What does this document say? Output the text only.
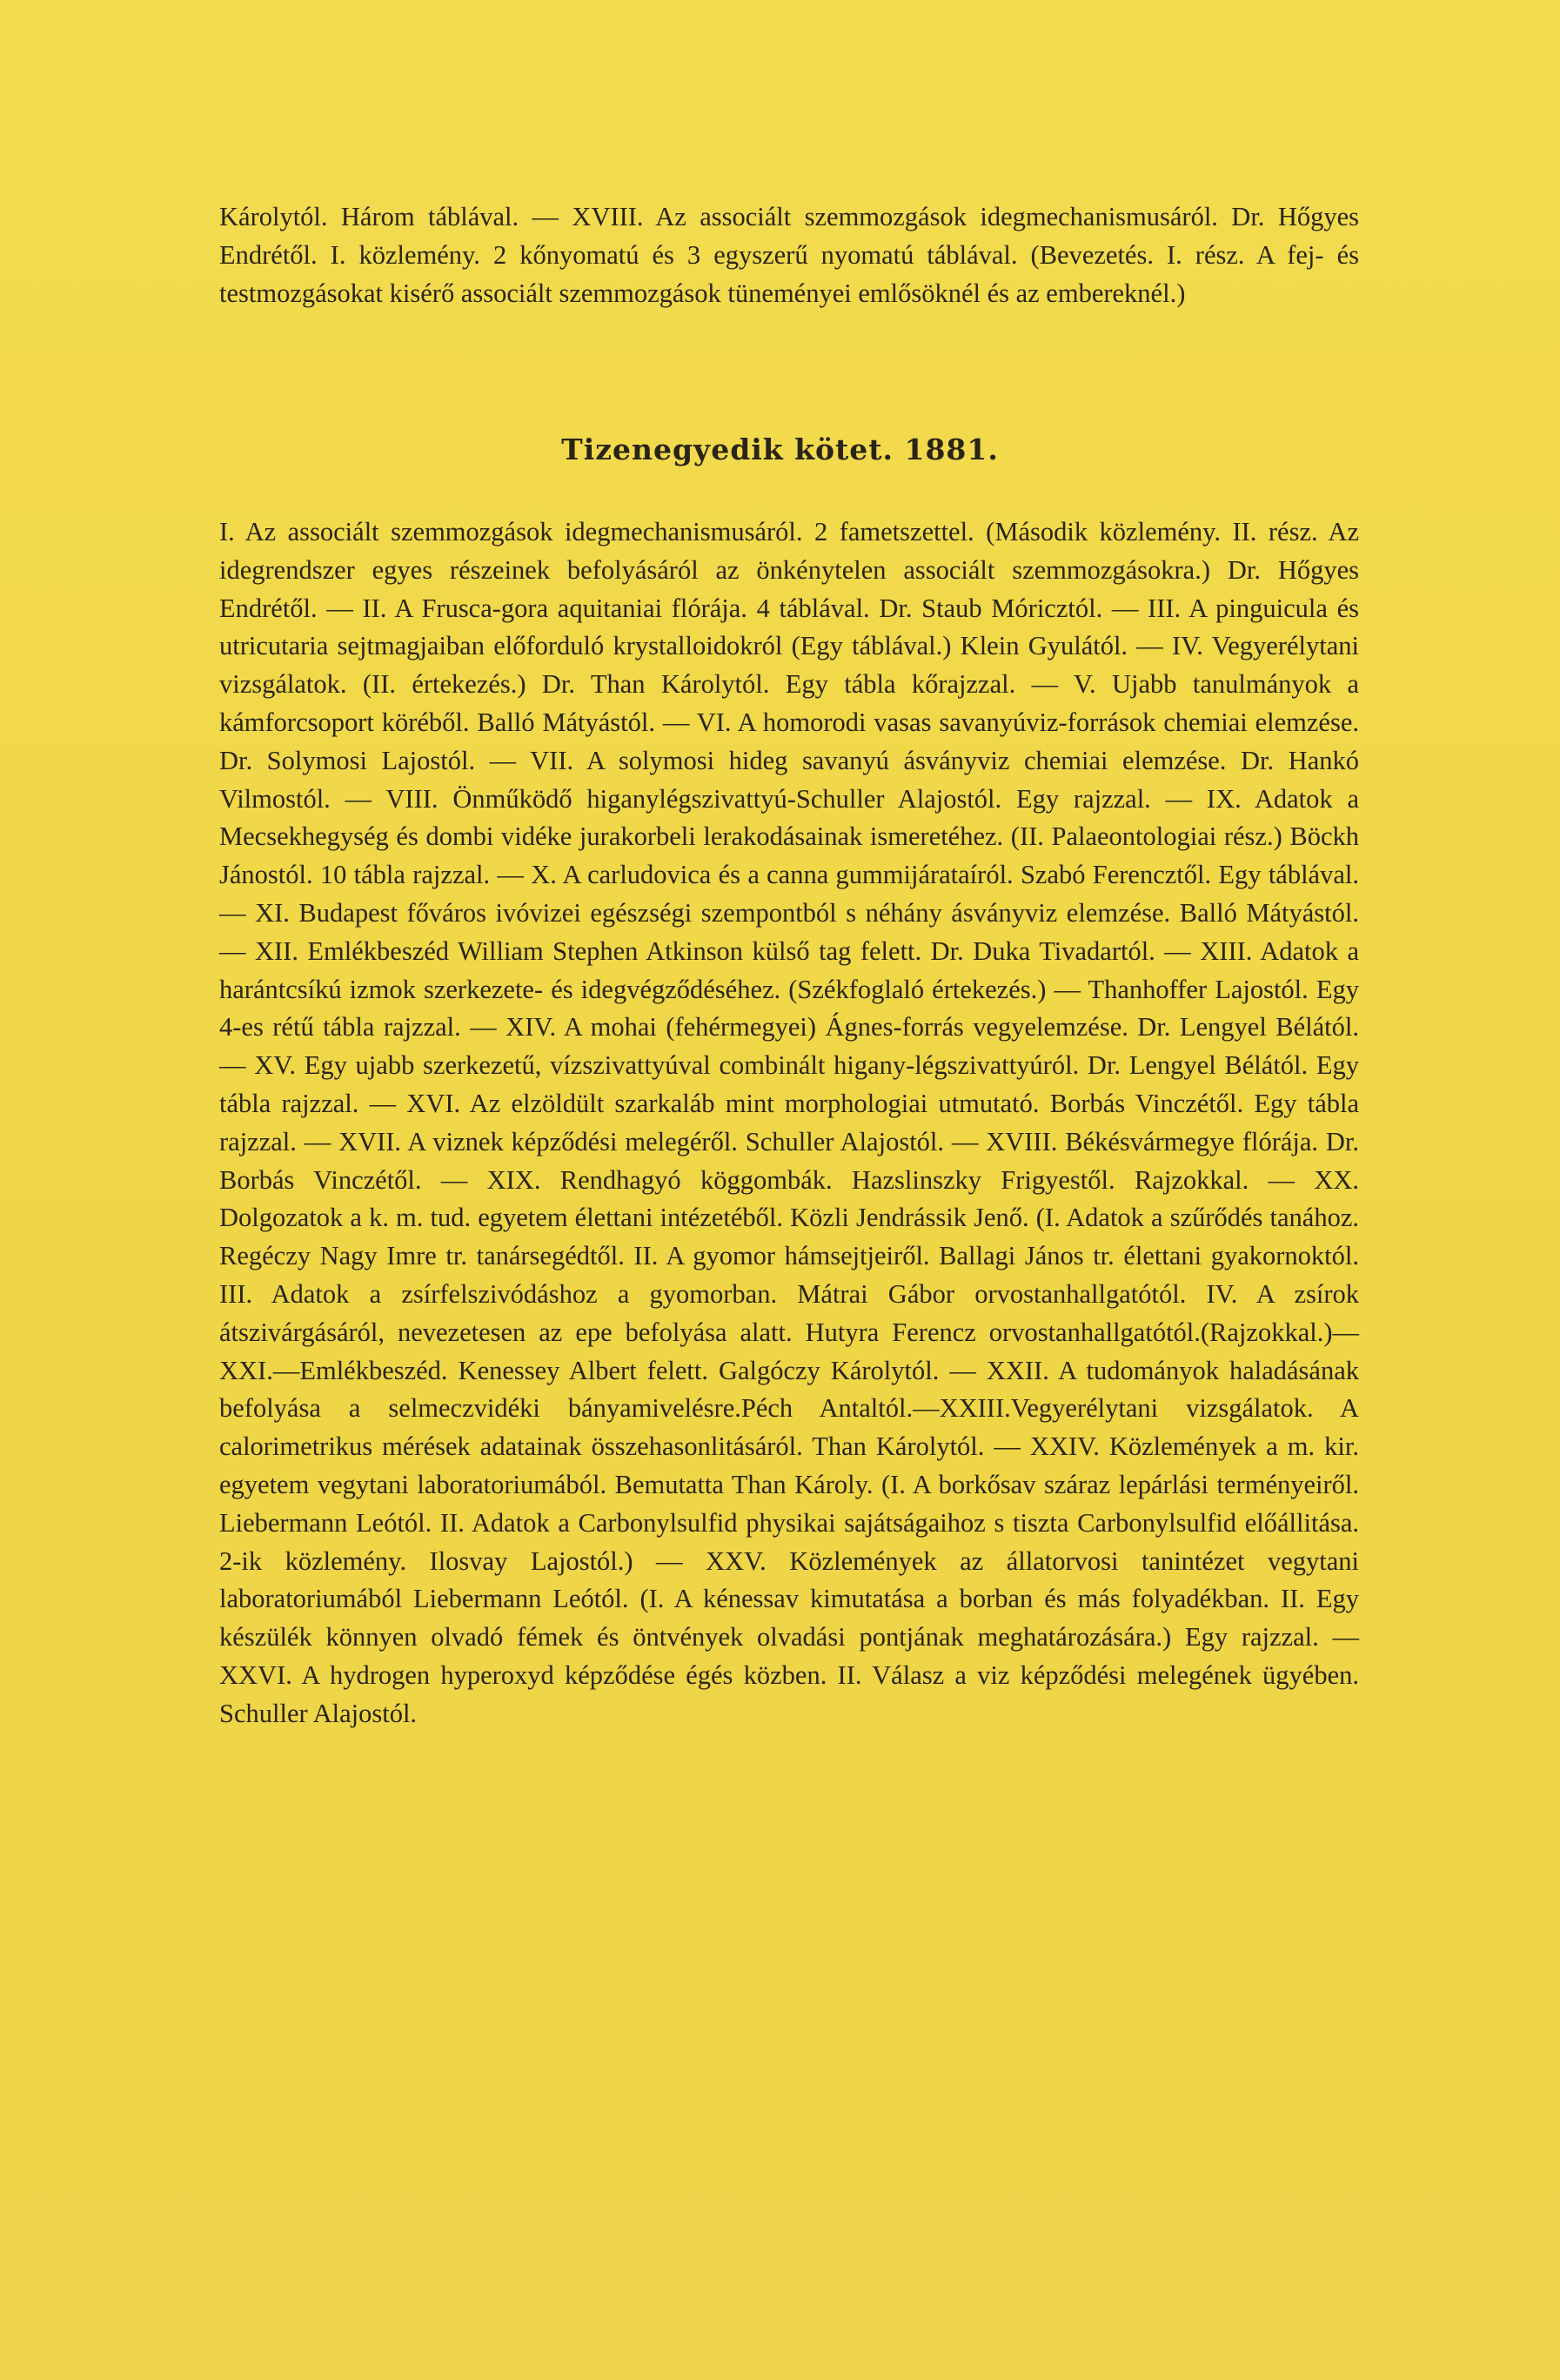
Károlytól. Három táblával. — XVIII. Az associált szemmozgások idegmechanismusáról. Dr. Hőgyes Endrétől. I. közlemény. 2 kőnyomatú és 3 egyszerű nyomatú táblával. (Bevezetés. I. rész. A fej- és testmozgásokat kisérő associált szemmozgások tüneményei emlősöknél és az embereknél.)

Tizenegyedik kötet. 1881.

I. Az associált szemmozgások idegmechanismusáról. 2 fametszettel. (Második közlemény. II. rész. Az idegrendszer egyes részeinek befolyásáról az önkénytelen associált szemmozgásokra.) Dr. Hőgyes Endrétől. — II. A Frusca-gora aquitaniai flórája. 4 táblával. Dr. Staub Móricztól. — III. A pinguicula és utricutaria sejtmagjaiban előforduló krystalloidokról (Egy táblával.) Klein Gyulától. — IV. Vegyerélytani vizsgálatok. (II. értekezés.) Dr. Than Károlytól. Egy tábla kőrajzzal. — V. Ujabb tanulmányok a kámforcsoport köréből. Balló Mátyástól. — VI. A homorodi vasas savanyúviz-források chemiai elemzése. Dr. Solymosi Lajostól. — VII. A solymosi hideg savanyú ásványviz chemiai elemzése. Dr. Hankó Vilmostól. — VIII. Önműködő higanylégszivattyú-Schuller Alajostól. Egy rajzzal. — IX. Adatok a Mecsekhegység és dombi vidéke jurakorbeli lerakodásainak ismeretéhez. (II. Palaeontologiai rész.) Böckh Jánostól. 10 tábla rajzzal. — X. A carludovica és a canna gummijárataíról. Szabó Ferencztől. Egy táblával. — XI. Budapest főváros ivóvizei egészségi szempontból s néhány ásványviz elemzése. Balló Mátyástól. — XII. Emlékbeszéd William Stephen Atkinson külső tag felett. Dr. Duka Tivadartól. — XIII. Adatok a harántcsíkú izmok szerkezete- és idegvégződéséhez. (Székfoglaló értekezés.) — Thanhoffer Lajostól. Egy 4-es rétű tábla rajzzal. — XIV. A mohai (fehérmegyei) Ágnes-forrás vegyelemzése. Dr. Lengyel Bélától. — XV. Egy ujabb szerkezetű, vízszivattyúval combinált higany-légszivattyúról. Dr. Lengyel Bélától. Egy tábla rajzzal. — XVI. Az elzöldült szarkaláb mint morphologiai utmutató. Borbás Vinczétől. Egy tábla rajzzal. — XVII. A viznek képződési melegéről. Schuller Alajostól. — XVIII. Békésvármegye flórája. Dr. Borbás Vinczétől. — XIX. Rendhagyó köggombák. Hazslinszky Frigyestől. Rajzokkal. — XX. Dolgozatok a k. m. tud. egyetem élettani intézetéből. Közli Jendrássik Jenő. (I. Adatok a szűrődés tanához. Regéczy Nagy Imre tr. tanársegédtől. II. A gyomor hámsejtjeiről. Ballagi János tr. élettani gyakornoktól. III. Adatok a zsírfelszivódáshoz a gyomorban. Mátrai Gábor orvostanhallgatótól. IV. A zsírok átszivárgásáról, nevezetesen az epe befolyása alatt. Hutyra Ferencz orvostanhallgatótól.(Rajzokkal.)—XXI.—Emlékbeszéd. Kenessey Albert felett. Galgóczy Károlytól. — XXII. A tudományok haladásának befolyása a selmeczvidéki bányamivelésre.Péch Antaltól.—XXIII.Vegyerélytani vizsgálatok. A calorimetrikus mérések adatainak összehasonlitásáról. Than Károlytól. — XXIV. Közlemények a m. kir. egyetem vegytani laboratoriumából. Bemutatta Than Károly. (I. A borkősav száraz lepárlási terményeiről. Liebermann Leótól. II. Adatok a Carbonylsulfid physikai sajátságaihoz s tiszta Carbonylsulfid előállitása. 2-ik közlemény. Ilosvay Lajostól.) — XXV. Közlemények az állatorvosi tanintézet vegytani laboratoriumából Liebermann Leótól. (I. A kénessav kimutatása a borban és más folyadékban. II. Egy készülék könnyen olvadó fémek és öntvények olvadási pontjának meghatározására.) Egy rajzzal. — XXVI. A hydrogen hyperoxyd képződése égés közben. II. Válasz a viz képződési melegének ügyében. Schuller Alajostól.
